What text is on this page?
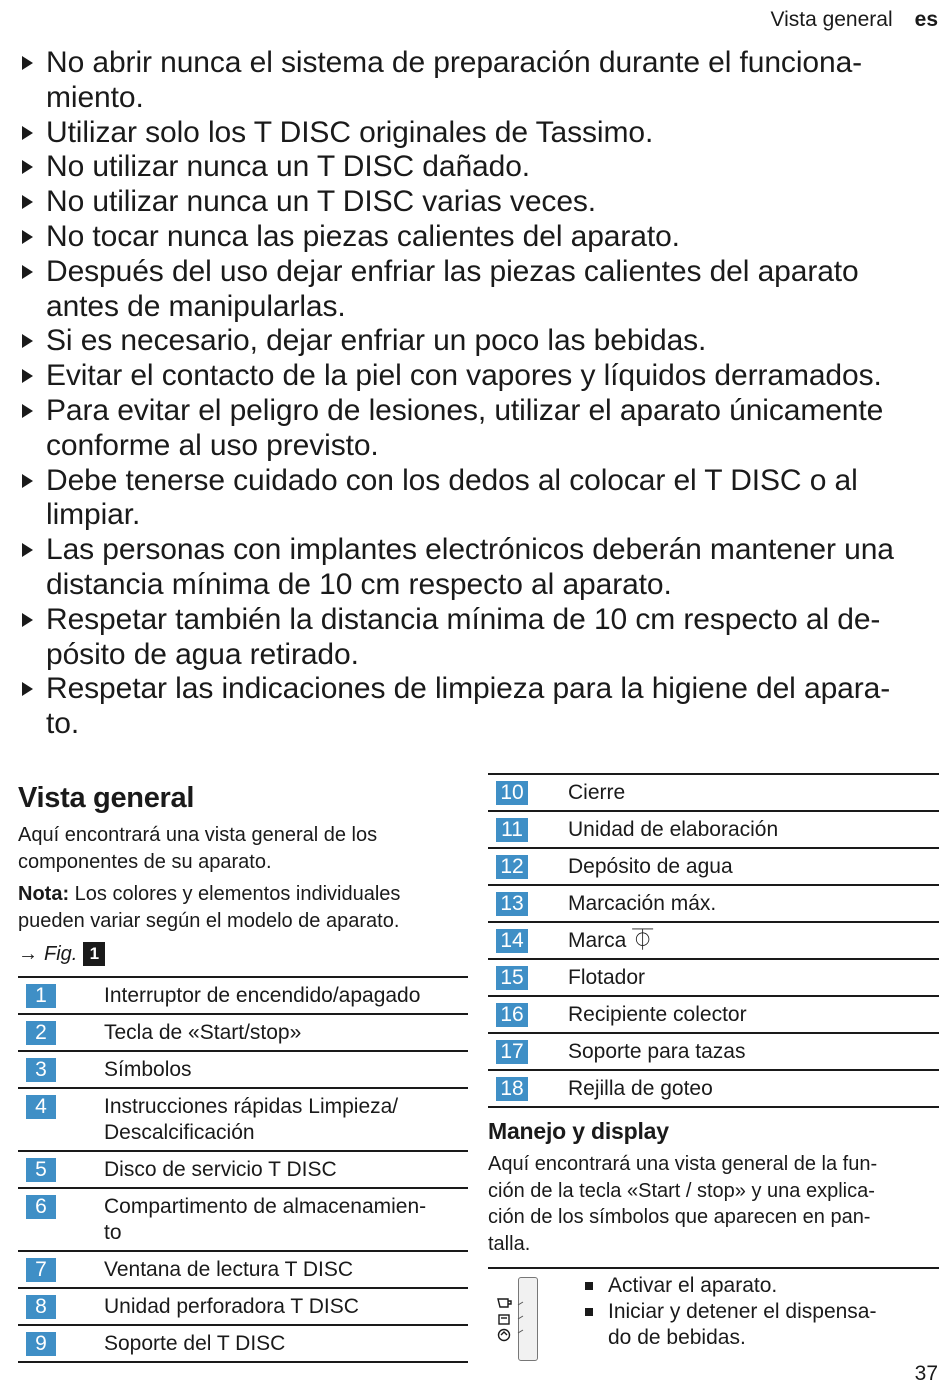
Vista general es
No abrir nunca el sistema de preparación durante el funciona-
miento.
Utilizar solo los T DISC originales de Tassimo.
No utilizar nunca un T DISC dañado.
No utilizar nunca un T DISC varias veces.
No tocar nunca las piezas calientes del aparato.
Después del uso dejar enfriar las piezas calientes del aparato
antes de manipularlas.
Si es necesario, dejar enfriar un poco las bebidas.
Evitar el contacto de la piel con vapores y líquidos derramados.
Para evitar el peligro de lesiones, utilizar el aparato únicamente
conforme al uso previsto.
Debe tenerse cuidado con los dedos al colocar el T DISC o al
limpiar.
Las personas con implantes electrónicos deberán mantener una
distancia mínima de 10 cm respecto al aparato.
Respetar también la distancia mínima de 10 cm respecto al de-
pósito de agua retirado.
Respetar las indicaciones de limpieza para la higiene del apara-
to.
Vista general

Aquí encontrará una vista general de los componentes de su aparato.

Nota: Los colores y elementos individuales pueden variar según el modelo de aparato.

→ Fig. 1
1	Interruptor de encendido/apagado
2	Tecla de «Start/stop»
3	Símbolos
4	Instrucciones rápidas Limpieza/
Descalcificación
5	Disco de servicio T DISC
6	Compartimento de almacenamien-
to
7	Ventana de lectura T DISC
8	Unidad perforadora T DISC
9	Soporte del T DISC
10	Cierre
11	Unidad de elaboración
12	Depósito de agua
13	Marcación máx.
14	Marca ⏁
15	Flotador
16	Recipiente colector
17	Soporte para tazas
18	Rejilla de goteo
Manejo y display

Aquí encontrará una vista general de la fun-
ción de la tecla «Start / stop» y una explica-
ción de los símbolos que aparecen en pan-
talla.

Activar el aparato.
Iniciar y detener el dispensa-
do de bebidas.
37
